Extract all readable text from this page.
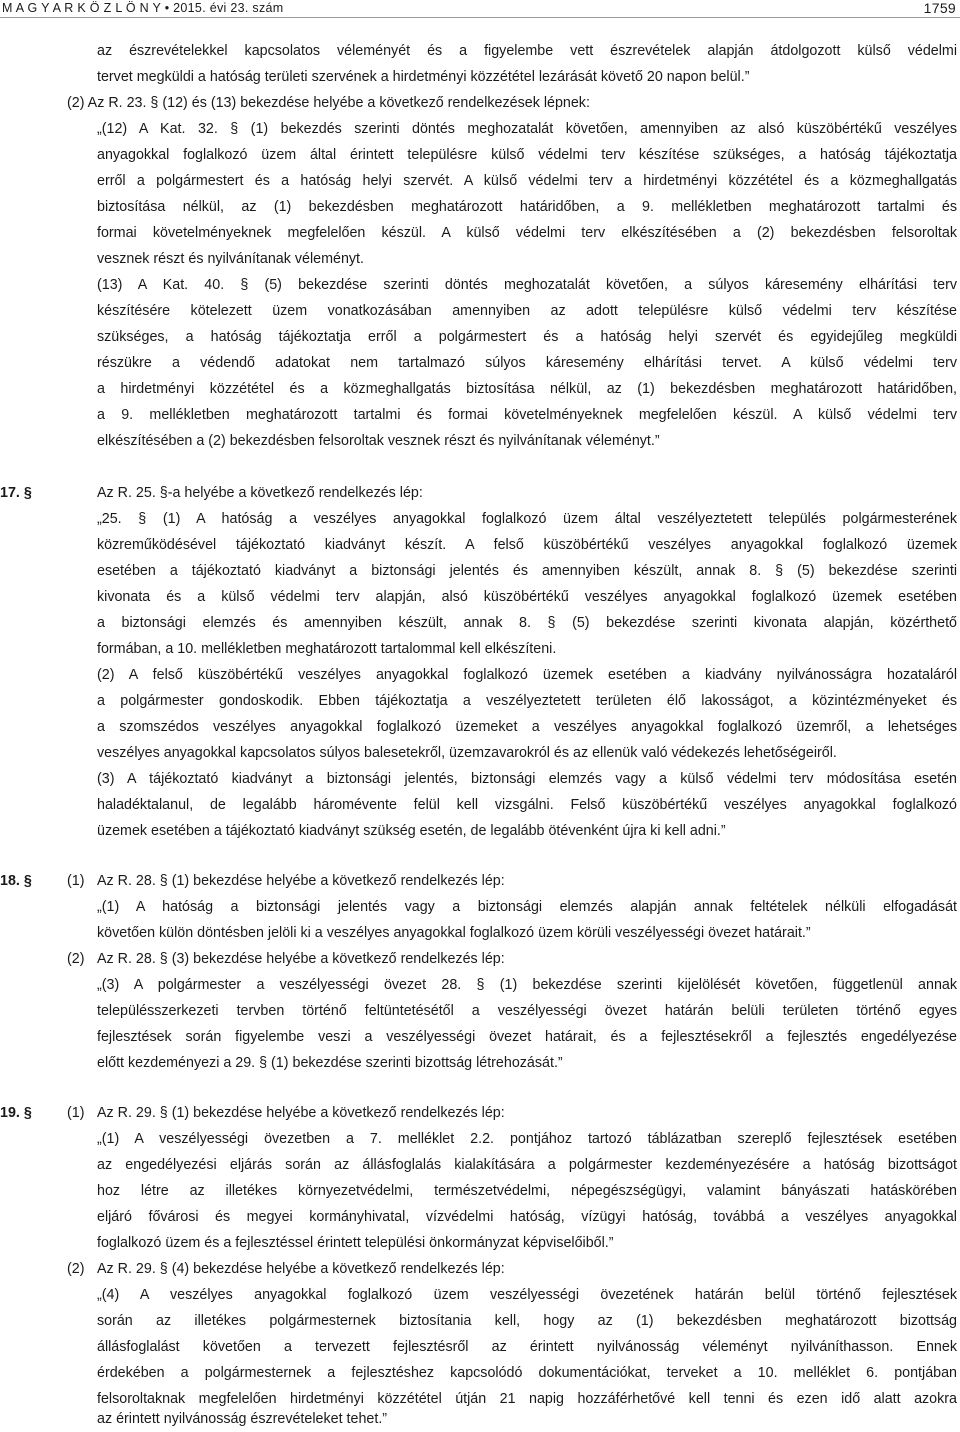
M A G Y A R K Ö Z L Ö N Y • 2015. évi 23. szám	1759
az észrevételekkel kapcsolatos véleményét és a figyelembe vett észrevételek alapján átdolgozott külső védelmi
tervet megküldi a hatóság területi szervének a hirdetményi közzététel lezárását követő 20 napon belül.”
(2) Az R. 23. § (12) és (13) bekezdése helyébe a következő rendelkezések lépnek:
„(12) A Kat. 32. § (1) bekezdés szerinti döntés meghozatalát követően, amennyiben az alsó küszöbértékű veszélyes
anyagokkal foglalkozó üzem által érintett településre külső védelmi terv készítése szükséges, a hatóság tájékoztatja
erről a polgármestert és a hatóság helyi szervét. A külső védelmi terv a hirdetményi közzététel és a közmeghallgatás
biztosítása nélkül, az (1) bekezdésben meghatározott határidőben, a 9. mellékletben meghatározott tartalmi és
formai követelményeknek megfelelően készül. A külső védelmi terv elkészítésében a (2) bekezdésben felsoroltak
vesznek részt és nyilvánítanak véleményt.
(13) A Kat. 40. § (5) bekezdése szerinti döntés meghozatalát követően, a súlyos káresemény elhárítási terv
készítésére kötelezett üzem vonatkozásában amennyiben az adott településre külső védelmi terv készítése
szükséges, a hatóság tájékoztatja erről a polgármestert és a hatóság helyi szervét és egyidejűleg megküldi
részükre a védendő adatokat nem tartalmazó súlyos káresemény elhárítási tervet. A külső védelmi terv
a hirdetményi közzététel és a közmeghallgatás biztosítása nélkül, az (1) bekezdésben meghatározott határidőben,
a 9. mellékletben meghatározott tartalmi és formai követelményeknek megfelelően készül. A külső védelmi terv
elkészítésében a (2) bekezdésben felsoroltak vesznek részt és nyilvánítanak véleményt.”
17. §	Az R. 25. §-a helyébe a következő rendelkezés lép:
„25. § (1) A hatóság a veszélyes anyagokkal foglalkozó üzem által veszélyeztetett település polgármesterének
közreműködésével tájékoztató kiadványt készít. A felső küszöbértékű veszélyes anyagokkal foglalkozó üzemek
esetében a tájékoztató kiadványt a biztonsági jelentés és amennyiben készült, annak 8. § (5) bekezdése szerinti
kivonata és a külső védelmi terv alapján, alsó küszöbértékű veszélyes anyagokkal foglalkozó üzemek esetében
a biztonsági elemzés és amennyiben készült, annak 8. § (5) bekezdése szerinti kivonata alapján, közérthető
formában, a 10. mellékletben meghatározott tartalommal kell elkészíteni.
(2) A felső küszöbértékű veszélyes anyagokkal foglalkozó üzemek esetében a kiadvány nyilvánosságra hozataláról
a polgármester gondoskodik. Ebben tájékoztatja a veszélyeztetett területen élő lakosságot, a közintézményeket és
a szomszédos veszélyes anyagokkal foglalkozó üzemeket a veszélyes anyagokkal foglalkozó üzemről, a lehetséges
veszélyes anyagokkal kapcsolatos súlyos balesetekről, üzemzavarokról és az ellenük való védekezés lehetőségeiről.
(3) A tájékoztató kiadványt a biztonsági jelentés, biztonsági elemzés vagy a külső védelmi terv módosítása esetén
haladéktalanul, de legalább háromévente felül kell vizsgálni. Felső küszöbértékű veszélyes anyagokkal foglalkozó
üzemek esetében a tájékoztató kiadványt szükség esetén, de legalább ötévenként újra ki kell adni.”
18. § (1) Az R. 28. § (1) bekezdése helyébe a következő rendelkezés lép:
„(1) A hatóság a biztonsági jelentés vagy a biztonsági elemzés alapján annak feltételek nélküli elfogadását
követően külön döntésben jelöli ki a veszélyes anyagokkal foglalkozó üzem körüli veszélyességi övezet határait.”
(2) Az R. 28. § (3) bekezdése helyébe a következő rendelkezés lép:
„(3) A polgármester a veszélyességi övezet 28. § (1) bekezdése szerinti kijelölését követően, függetlenül annak
településszerkezeti tervben történő feltüntetésétől a veszélyességi övezet határán belüli területen történő egyes
fejlesztések során figyelembe veszi a veszélyességi övezet határait, és a fejlesztésekről a fejlesztés engedélyezése
előtt kezdeményezi a 29. § (1) bekezdése szerinti bizottság létrehozását.”
19. § (1) Az R. 29. § (1) bekezdése helyébe a következő rendelkezés lép:
„(1) A veszélyességi övezetben a 7. melléklet 2.2. pontjához tartozó táblázatban szereplő fejlesztések esetében
az engedélyezési eljárás során az állásfoglalás kialakítására a polgármester kezdeményezésére a hatóság bizottságot
hoz létre az illetékes környezetvédelmi, természetvédelmi, népegészségügyi, valamint bányászati hatáskörében
eljáró fővárosi és megyei kormányhivatal, vízvédelmi hatóság, vízügyi hatóság, továbbá a veszélyes anyagokkal
foglalkozó üzem és a fejlesztéssel érintett települési önkormányzat képviselőiből.”
(2) Az R. 29. § (4) bekezdése helyébe a következő rendelkezés lép:
„(4) A veszélyes anyagokkal foglalkozó üzem veszélyességi övezetének határán belül történő fejlesztések
során az illetékes polgármesternek biztosítania kell, hogy az (1) bekezdésben meghatározott bizottság
állásfoglalást követően a tervezett fejlesztésről az érintett nyilvánosság véleményt nyilváníthasson. Ennek
érdekében a polgármesternek a fejlesztéshez kapcsolódó dokumentációkat, terveket a 10. melléklet 6. pontjában
felsoroltaknak megfelelően hirdetményi közzététel útján 21 napig hozzáférhetővé kell tenni és ezen idő alatt azokra
az érintett nyilvánosság észrevételeket tehet.”
